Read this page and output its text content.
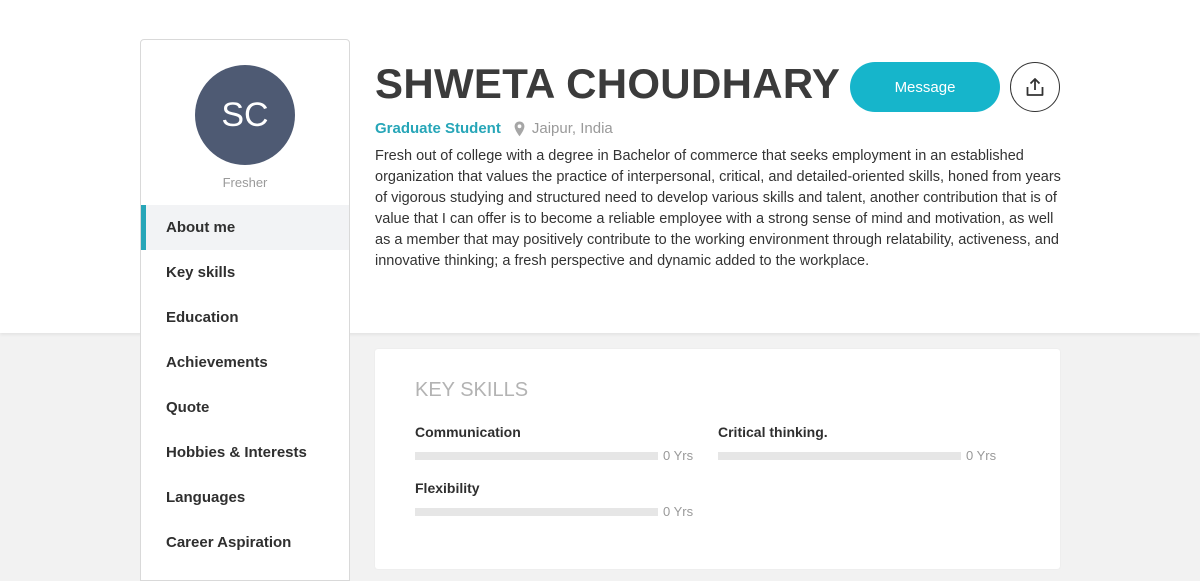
SC
Fresher
About me
Key skills
Education
Achievements
Quote
Hobbies & Interests
Languages
Career Aspiration
SHWETA CHOUDHARY	Message
Graduate Student Jaipur, India

Fresh out of college with a degree in Bachelor of commerce that seeks employment in an established organization that values the practice of interpersonal, critical, and detailed-oriented skills, honed from years of vigorous studying and structured need to develop various skills and talent, another contribution that is of value that I can offer is to become a reliable employee with a strong sense of mind and motivation, as well as a member that may positively contribute to the working environment through relatability, activeness, and innovative thinking; a fresh perspective and dynamic added to the workplace.

KEY SKILLS
Communication
0 Yrs
Critical thinking.
0 Yrs
Flexibility
0 Yrs
